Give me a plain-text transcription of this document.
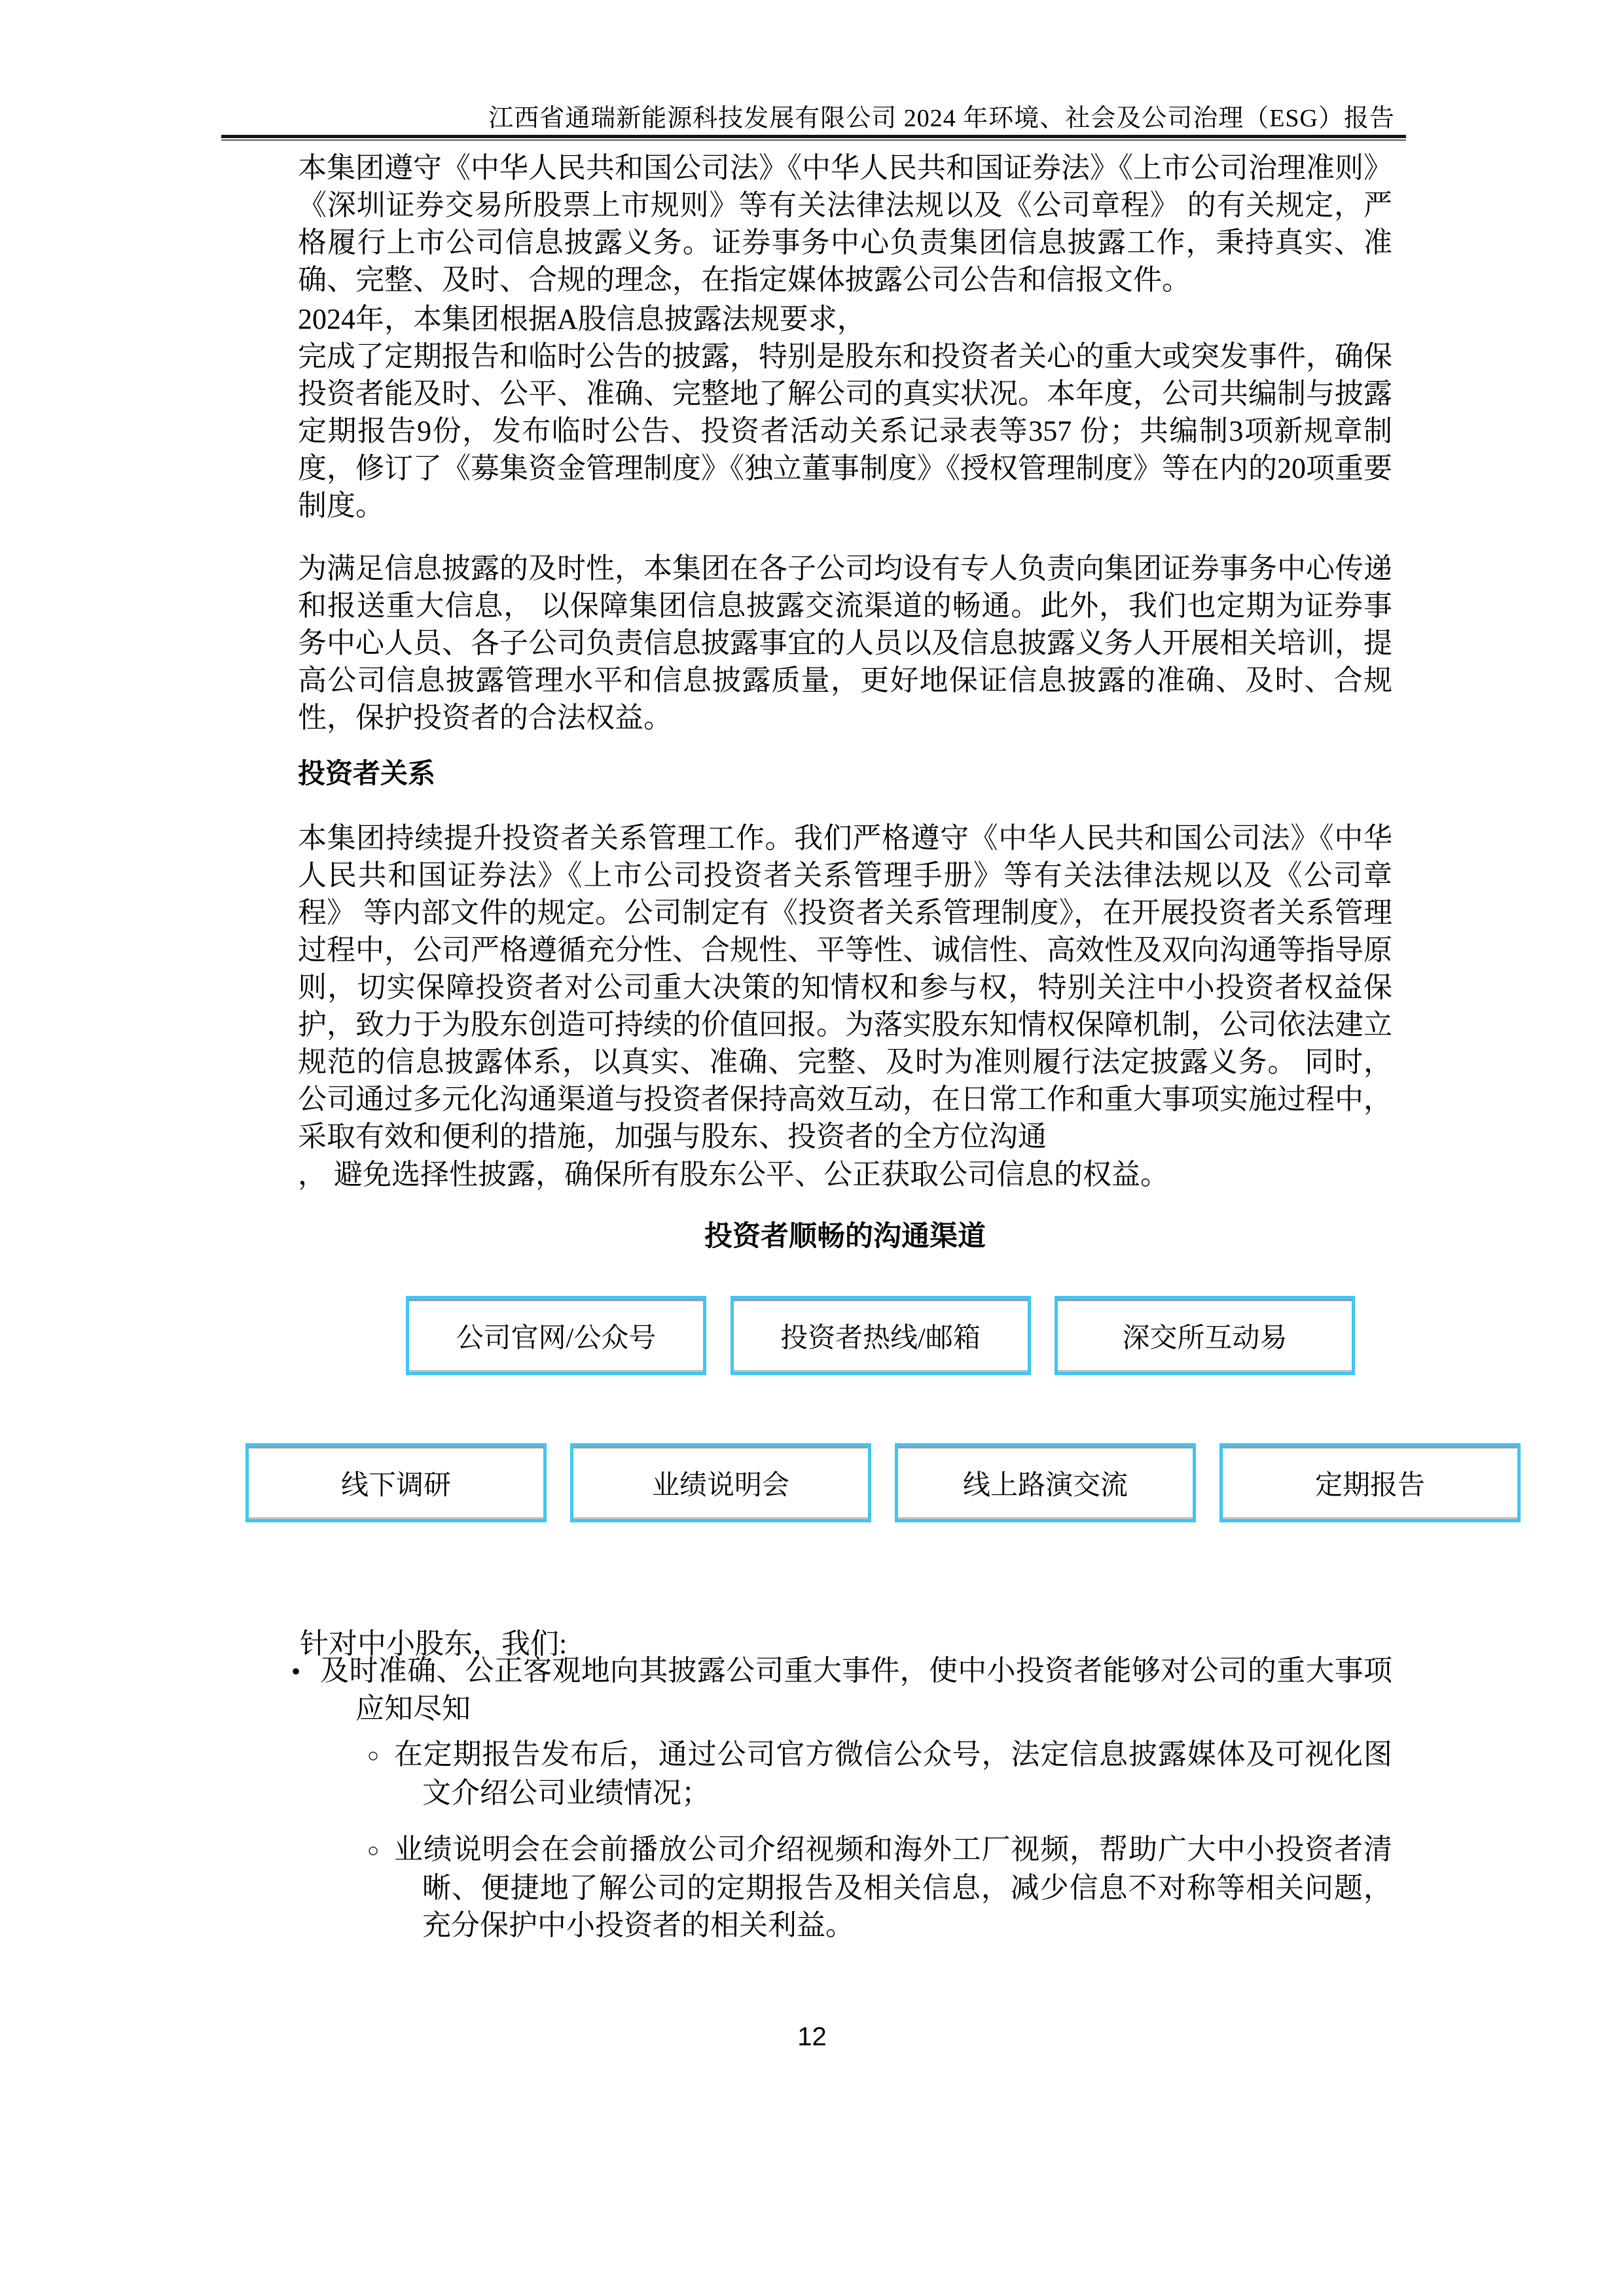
江西省通瑞新能源科技发展有限公司 2024 年环境、社会及公司治理（ESG）报告
本集团遵守《中华人民共和国公司法》《中华人民共和国证券法》《上市公司治理准则》《深圳证券交易所股票上市规则》等有关法律法规以及《公司章程》 的有关规定，严格履行上市公司信息披露义务。证券事务中心负责集团信息披露工作，秉持真实、准确、完整、及时、合规的理念，在指定媒体披露公司公告和信报文件。
2024年，本集团根据A股信息披露法规要求，
完成了定期报告和临时公告的披露，特别是股东和投资者关心的重大或突发事件，确保投资者能及时、公平、准确、完整地了解公司的真实状况。本年度，公司共编制与披露定期报告9份，发布临时公告、投资者活动关系记录表等357 份；共编制3项新规章制度，修订了《募集资金管理制度》《独立董事制度》《授权管理制度》等在内的20项重要制度。
为满足信息披露的及时性，本集团在各子公司均设有专人负责向集团证券事务中心传递和报送重大信息， 以保障集团信息披露交流渠道的畅通。此外，我们也定期为证券事务中心人员、各子公司负责信息披露事宜的人员以及信息披露义务人开展相关培训，提高公司信息披露管理水平和信息披露质量，更好地保证信息披露的准确、及时、合规性，保护投资者的合法权益。
投资者关系
本集团持续提升投资者关系管理工作。我们严格遵守《中华人民共和国公司法》《中华人民共和国证券法》《上市公司投资者关系管理手册》等有关法律法规以及《公司章程》 等内部文件的规定。公司制定有《投资者关系管理制度》，在开展投资者关系管理过程中，公司严格遵循充分性、合规性、平等性、诚信性、高效性及双向沟通等指导原则，切实保障投资者对公司重大决策的知情权和参与权，特别关注中小投资者权益保护，致力于为股东创造可持续的价值回报。为落实股东知情权保障机制，公司依法建立规范的信息披露体系，以真实、准确、完整、及时为准则履行法定披露义务。 同时，公司通过多元化沟通渠道与投资者保持高效互动，在日常工作和重大事项实施过程中，采取有效和便利的措施，加强与股东、投资者的全方位沟通
， 避免选择性披露，确保所有股东公平、公正获取公司信息的权益。
投资者顺畅的沟通渠道
公司官网/公众号	投资者热线/邮箱	深交所互动易
线下调研	业绩说明会	线上路演交流	定期报告
针对中小股东，我们:
• 及时准确、公正客观地向其披露公司重大事件，使中小投资者能够对公司的重大事项应知尽知
○ 在定期报告发布后，通过公司官方微信公众号，法定信息披露媒体及可视化图文介绍公司业绩情况；
○ 业绩说明会在会前播放公司介绍视频和海外工厂视频，帮助广大中小投资者清晰、便捷地了解公司的定期报告及相关信息，减少信息不对称等相关问题，充分保护中小投资者的相关利益。
12
